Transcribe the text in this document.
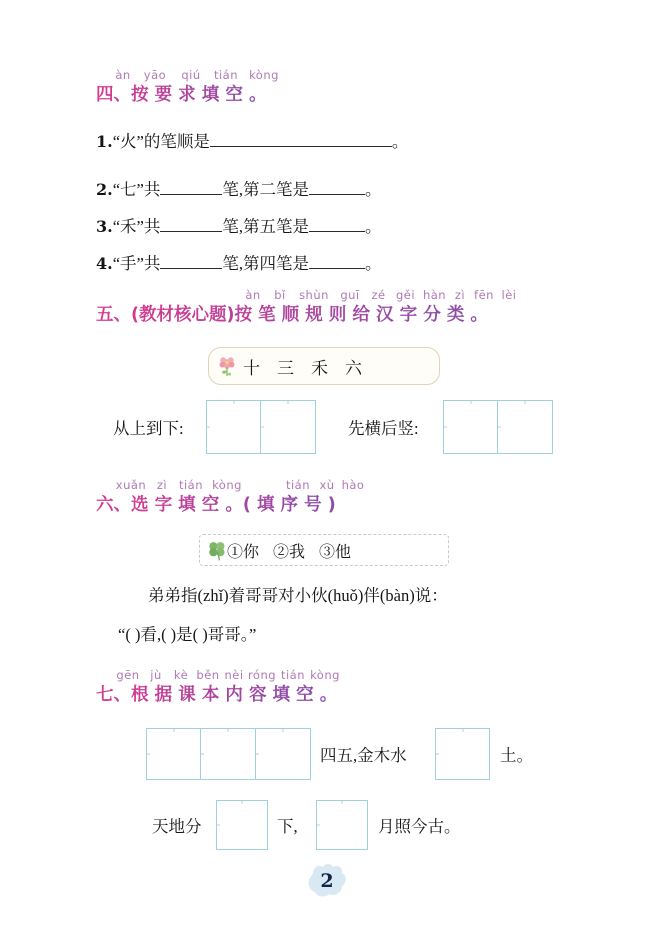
àn yāo qiú tián kòng
四、按 要 求 填 空 。
1.“火”的笔顺是	。
2.“七”共	笔,第二笔是	。
3.“禾”共	笔,第五笔是	。
4.“手”共	笔,第四笔是	。
àn bǐ shùn guī zé gěi hàn zì fēn lèi
五、(教材核心题)按 笔 顺 规 则 给 汉 字 分 类 。
十三禾六
从上到下:	先横后竖:
xuǎn zì tián kòng	tián xù hào
六、选 字 填 空 。( 填 序 号 )
①你 ②我 ③他
弟弟指(zhǐ)着哥哥对小伙(huǒ)伴(bàn)说：
“( )看,( )是( )哥哥。”
gēn jù kè běn nèi róng tián kòng
七、根 据 课 本 内 容 填 空 。
四五,金木水	土。
天地分	下,	月照今古。
2
